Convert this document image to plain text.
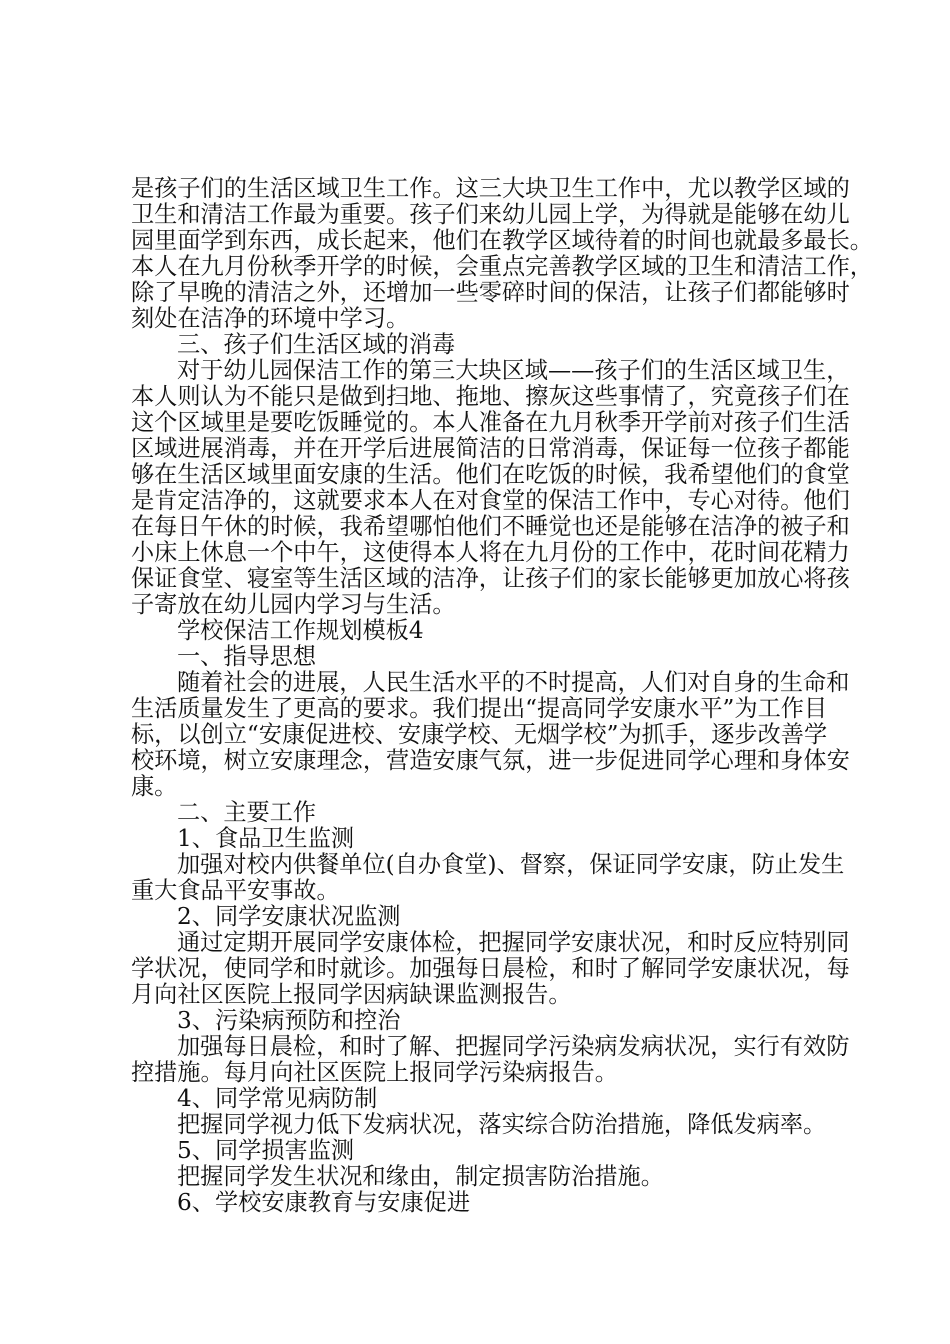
是孩子们的生活区域卫生工作。这三大块卫生工作中，尤以教学区域的
卫生和清洁工作最为重要。孩子们来幼儿园上学，为得就是能够在幼儿
园里面学到东西，成长起来，他们在教学区域待着的时间也就最多最长。
本人在九月份秋季开学的时候，会重点完善教学区域的卫生和清洁工作，
除了早晚的清洁之外，还增加一些零碎时间的保洁，让孩子们都能够时
刻处在洁净的环境中学习。
三、孩子们生活区域的消毒
对于幼儿园保洁工作的第三大块区域——孩子们的生活区域卫生，
本人则认为不能只是做到扫地、拖地、擦灰这些事情了，究竟孩子们在
这个区域里是要吃饭睡觉的。本人准备在九月秋季开学前对孩子们生活
区域进展消毒，并在开学后进展简洁的日常消毒，保证每一位孩子都能
够在生活区域里面安康的生活。他们在吃饭的时候，我希望他们的食堂
是肯定洁净的，这就要求本人在对食堂的保洁工作中，专心对待。他们
在每日午休的时候，我希望哪怕他们不睡觉也还是能够在洁净的被子和
小床上休息一个中午，这使得本人将在九月份的工作中，花时间花精力
保证食堂、寝室等生活区域的洁净，让孩子们的家长能够更加放心将孩
子寄放在幼儿园内学习与生活。
学校保洁工作规划模板4
一、指导思想
随着社会的进展，人民生活水平的不时提高，人们对自身的生命和
生活质量发生了更高的要求。我们提出“提高同学安康水平”为工作目
标，以创立“安康促进校、安康学校、无烟学校”为抓手，逐步改善学
校环境，树立安康理念，营造安康气氛，进一步促进同学心理和身体安
康。
二、主要工作
1、食品卫生监测
加强对校内供餐单位(自办食堂)、督察，保证同学安康，防止发生
重大食品平安事故。
2、同学安康状况监测
通过定期开展同学安康体检，把握同学安康状况，和时反应特别同
学状况，使同学和时就诊。加强每日晨检，和时了解同学安康状况，每
月向社区医院上报同学因病缺课监测报告。
3、污染病预防和控治
加强每日晨检，和时了解、把握同学污染病发病状况，实行有效防
控措施。每月向社区医院上报同学污染病报告。
4、同学常见病防制
把握同学视力低下发病状况，落实综合防治措施，降低发病率。
5、同学损害监测
把握同学发生状况和缘由，制定损害防治措施。
6、学校安康教育与安康促进
